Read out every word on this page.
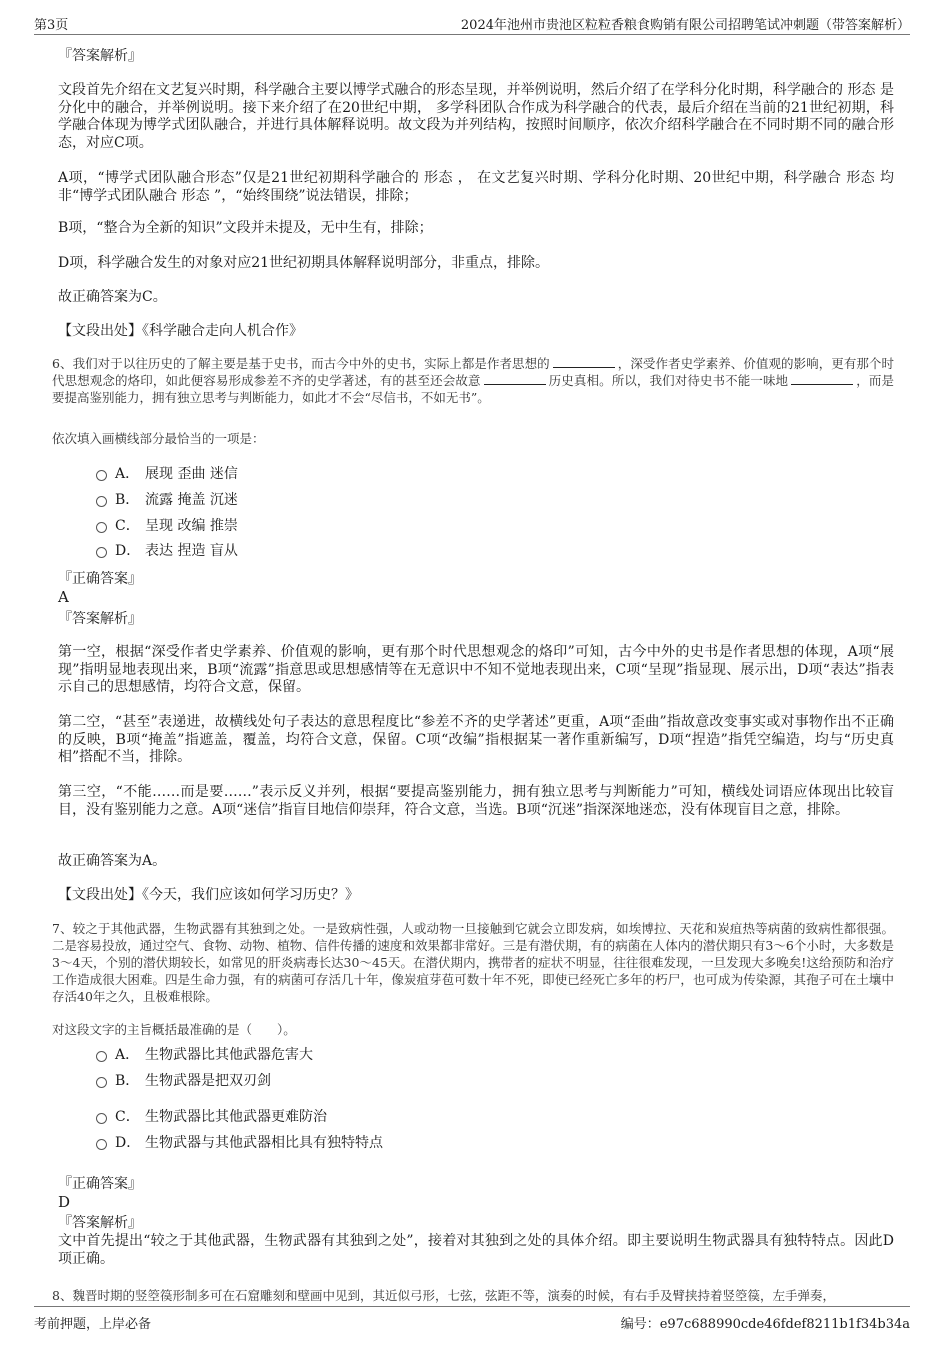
第3页	2024年池州市贵池区粒粒香粮食购销有限公司招聘笔试冲刺题（带答案解析）
『答案解析』
文段首先介绍在文艺复兴时期，科学融合主要以博学式融合的形态呈现，并举例说明，然后介绍了在学科分化时期，科学融合的 形态 是分化中的融合，并举例说明。接下来介绍了在20世纪中期， 多学科团队合作成为科学融合的代表，最后介绍在当前的21世纪初期，科学融合体现为博学式团队融合，并进行具体解释说明。故文段为并列结构，按照时间顺序，依次介绍科学融合在不同时期不同的融合形态，对应C项。
A项，“博学式团队融合形态”仅是21世纪初期科学融合的 形态 ， 在文艺复兴时期、学科分化时期、20世纪中期，科学融合 形态 均非“博学式团队融合 形态 ”，“始终围绕”说法错误，排除；
B项，“整合为全新的知识”文段并未提及，无中生有，排除；
D项，科学融合发生的对象对应21世纪初期具体解释说明部分，非重点，排除。
故正确答案为C。
【文段出处】《科学融合走向人机合作》
6、我们对于以往历史的了解主要是基于史书，而古今中外的史书，实际上都是作者思想的	，深受作者史学素养、价值观的影响，更有那个时代思想观念的烙印，如此便容易形成参差不齐的史学著述，有的甚至还会故意	历史真相。所以，我们对待史书不能一味地	，而是要提高鉴别能力，拥有独立思考与判断能力，如此才不会“尽信书，不如无书”。
依次填入画横线部分最恰当的一项是：
A． 展现 歪曲 迷信
B． 流露 掩盖 沉迷
C． 呈现 改编 推崇
D． 表达 捏造 盲从
『正确答案』
A
『答案解析』
第一空，根据“深受作者史学素养、价值观的影响，更有那个时代思想观念的烙印”可知，古今中外的史书是作者思想的体现，A项“展现”指明显地表现出来，B项“流露”指意思或思想感情等在无意识中不知不觉地表现出来，C项“呈现”指显现、展示出，D项“表达”指表示自己的思想感情，均符合文意，保留。
第二空，“甚至”表递进，故横线处句子表达的意思程度比“参差不齐的史学著述”更重，A项“歪曲”指故意改变事实或对事物作出不正确的反映，B项“掩盖”指遮盖，覆盖，均符合文意，保留。C项“改编”指根据某一著作重新编写，D项“捏造”指凭空编造，均与“历史真相”搭配不当，排除。
第三空，“不能……而是要……”表示反义并列，根据“要提高鉴别能力，拥有独立思考与判断能力”可知，横线处词语应体现出比较盲目，没有鉴别能力之意。A项“迷信”指盲目地信仰崇拜，符合文意，当选。B项“沉迷”指深深地迷恋，没有体现盲目之意，排除。
故正确答案为A。
【文段出处】《今天，我们应该如何学习历史？》
7、较之于其他武器，生物武器有其独到之处。一是致病性强，人或动物一旦接触到它就会立即发病，如埃博拉、天花和炭疽热等病菌的致病性都很强。二是容易投放，通过空气、食物、动物、植物、信件传播的速度和效果都非常好。三是有潜伏期，有的病菌在人体内的潜伏期只有3～6个小时，大多数是3～4天，个别的潜伏期较长，如常见的肝炎病毒长达30～45天。在潜伏期内，携带者的症状不明显，往往很难发现，一旦发现大多晚矣!这给预防和治疗工作造成很大困难。四是生命力强，有的病菌可存活几十年，像炭疽芽苞可数十年不死，即使已经死亡多年的朽尸，也可成为传染源，其孢子可在土壤中存活40年之久，且极难根除。
对这段文字的主旨概括最准确的是（　　）。
A． 生物武器比其他武器危害大
B． 生物武器是把双刃剑
C． 生物武器比其他武器更难防治
D． 生物武器与其他武器相比具有独特特点
『正确答案』
D
『答案解析』
文中首先提出“较之于其他武器，生物武器有其独到之处”，接着对其独到之处的具体介绍。即主要说明生物武器具有独特特点。因此D项正确。
8、魏晋时期的竖箜篌形制多可在石窟雕刻和壁画中见到，其近似弓形，七弦，弦距不等，演奏的时候，有右手及臂挟持着竖箜篌，左手弹奏，
考前押题，上岸必备	编号：e97c688990cde46fdef8211b1f34b34a
